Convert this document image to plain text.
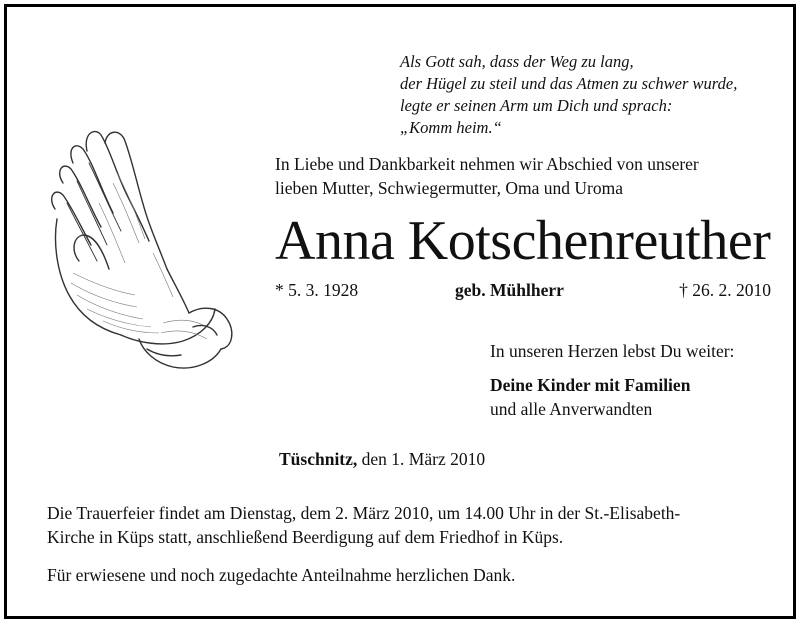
Als Gott sah, dass der Weg zu lang,
der Hügel zu steil und das Atmen zu schwer wurde,
legte er seinen Arm um Dich und sprach:
„Komm heim.“
In Liebe und Dankbarkeit nehmen wir Abschied von unserer
lieben Mutter, Schwiegermutter, Oma und Uroma
Anna Kotschenreuther
* 5. 3. 1928	geb. Mühlherr	† 26. 2. 2010
In unseren Herzen lebst Du weiter:
Deine Kinder mit Familien
und alle Anverwandten
Tüschnitz, den 1. März 2010
Die Trauerfeier findet am Dienstag, dem 2. März 2010, um 14.00 Uhr in der St.-Elisabeth-
Kirche in Küps statt, anschließend Beerdigung auf dem Friedhof in Küps.
Für erwiesene und noch zugedachte Anteilnahme herzlichen Dank.
